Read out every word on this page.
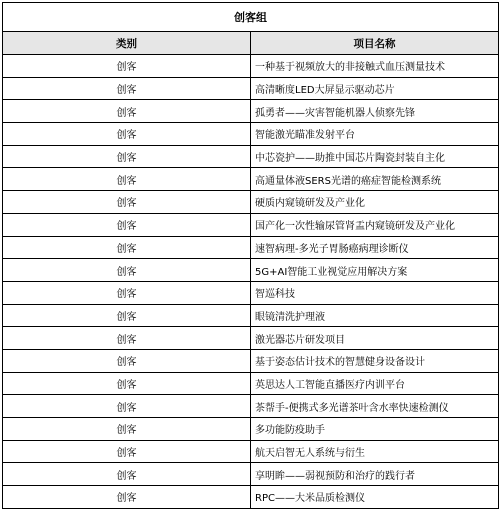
创客组	
类别	项目名称
创客	一种基于视频放大的非接触式血压测量技术
创客	高清晰度LED大屏显示驱动芯片
创客	孤勇者——灾害智能机器人侦察先锋
创客	智能激光瞄准发射平台
创客	中芯瓷护——助推中国芯片陶瓷封装自主化
创客	高通量体液SERS光谱的癌症智能检测系统
创客	硬质内窥镜研发及产业化
创客	国产化一次性输尿管肾盂内窥镜研发及产业化
创客	速智病理-多光子胃肠癌病理诊断仪
创客	5G+AI智能工业视觉应用解决方案
创客	智巡科技
创客	眼镜清洗护理液
创客	激光器芯片研发项目
创客	基于姿态估计技术的智慧健身设备设计
创客	英思达人工智能直播医疗内训平台
创客	茶帮手-便携式多光谱茶叶含水率快速检测仪
创客	多功能防疫助手
创客	航天启智无人系统与衍生
创客	享明眸——弱视预防和治疗的践行者
创客	RPC——大米品质检测仪
